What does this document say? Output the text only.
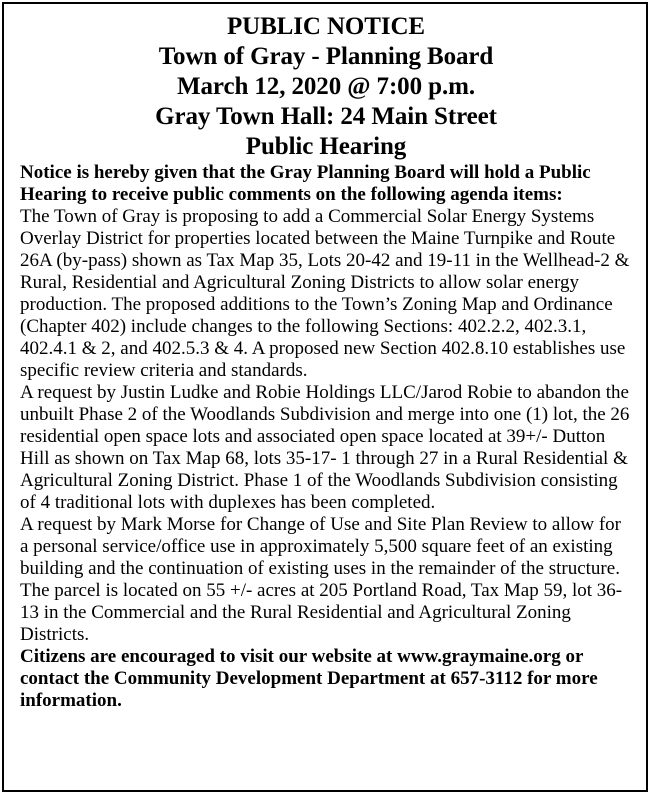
PUBLIC NOTICE
Town of Gray - Planning Board
March 12, 2020 @ 7:00 p.m.
Gray Town Hall: 24 Main Street
Public Hearing
Notice is hereby given that the Gray Planning Board will hold a Public Hearing to receive public comments on the following agenda items:
The Town of Gray is proposing to add a Commercial Solar Energy Systems Overlay District for properties located between the Maine Turnpike and Route 26A (by-pass) shown as Tax Map 35, Lots 20-42 and 19-11 in the Wellhead-2 & Rural, Residential and Agricultural Zoning Districts to allow solar energy production. The proposed additions to the Town’s Zoning Map and Ordinance (Chapter 402) include changes to the following Sections: 402.2.2, 402.3.1, 402.4.1 & 2, and 402.5.3 & 4. A proposed new Section 402.8.10 establishes use specific review criteria and standards.
A request by Justin Ludke and Robie Holdings LLC/Jarod Robie to abandon the unbuilt Phase 2 of the Woodlands Subdivision and merge into one (1) lot, the 26 residential open space lots and associated open space located at 39+/- Dutton Hill as shown on Tax Map 68, lots 35-17- 1 through 27 in a Rural Residential & Agricultural Zoning District. Phase 1 of the Woodlands Subdivision consisting of 4 traditional lots with duplexes has been completed.
A request by Mark Morse for Change of Use and Site Plan Review to allow for a personal service/office use in approximately 5,500 square feet of an existing building and the continuation of existing uses in the remainder of the structure. The parcel is located on 55 +/- acres at 205 Portland Road, Tax Map 59, lot 36-13 in the Commercial and the Rural Residential and Agricultural Zoning Districts.
Citizens are encouraged to visit our website at www.graymaine.org or contact the Community Development Department at 657-3112 for more information.
